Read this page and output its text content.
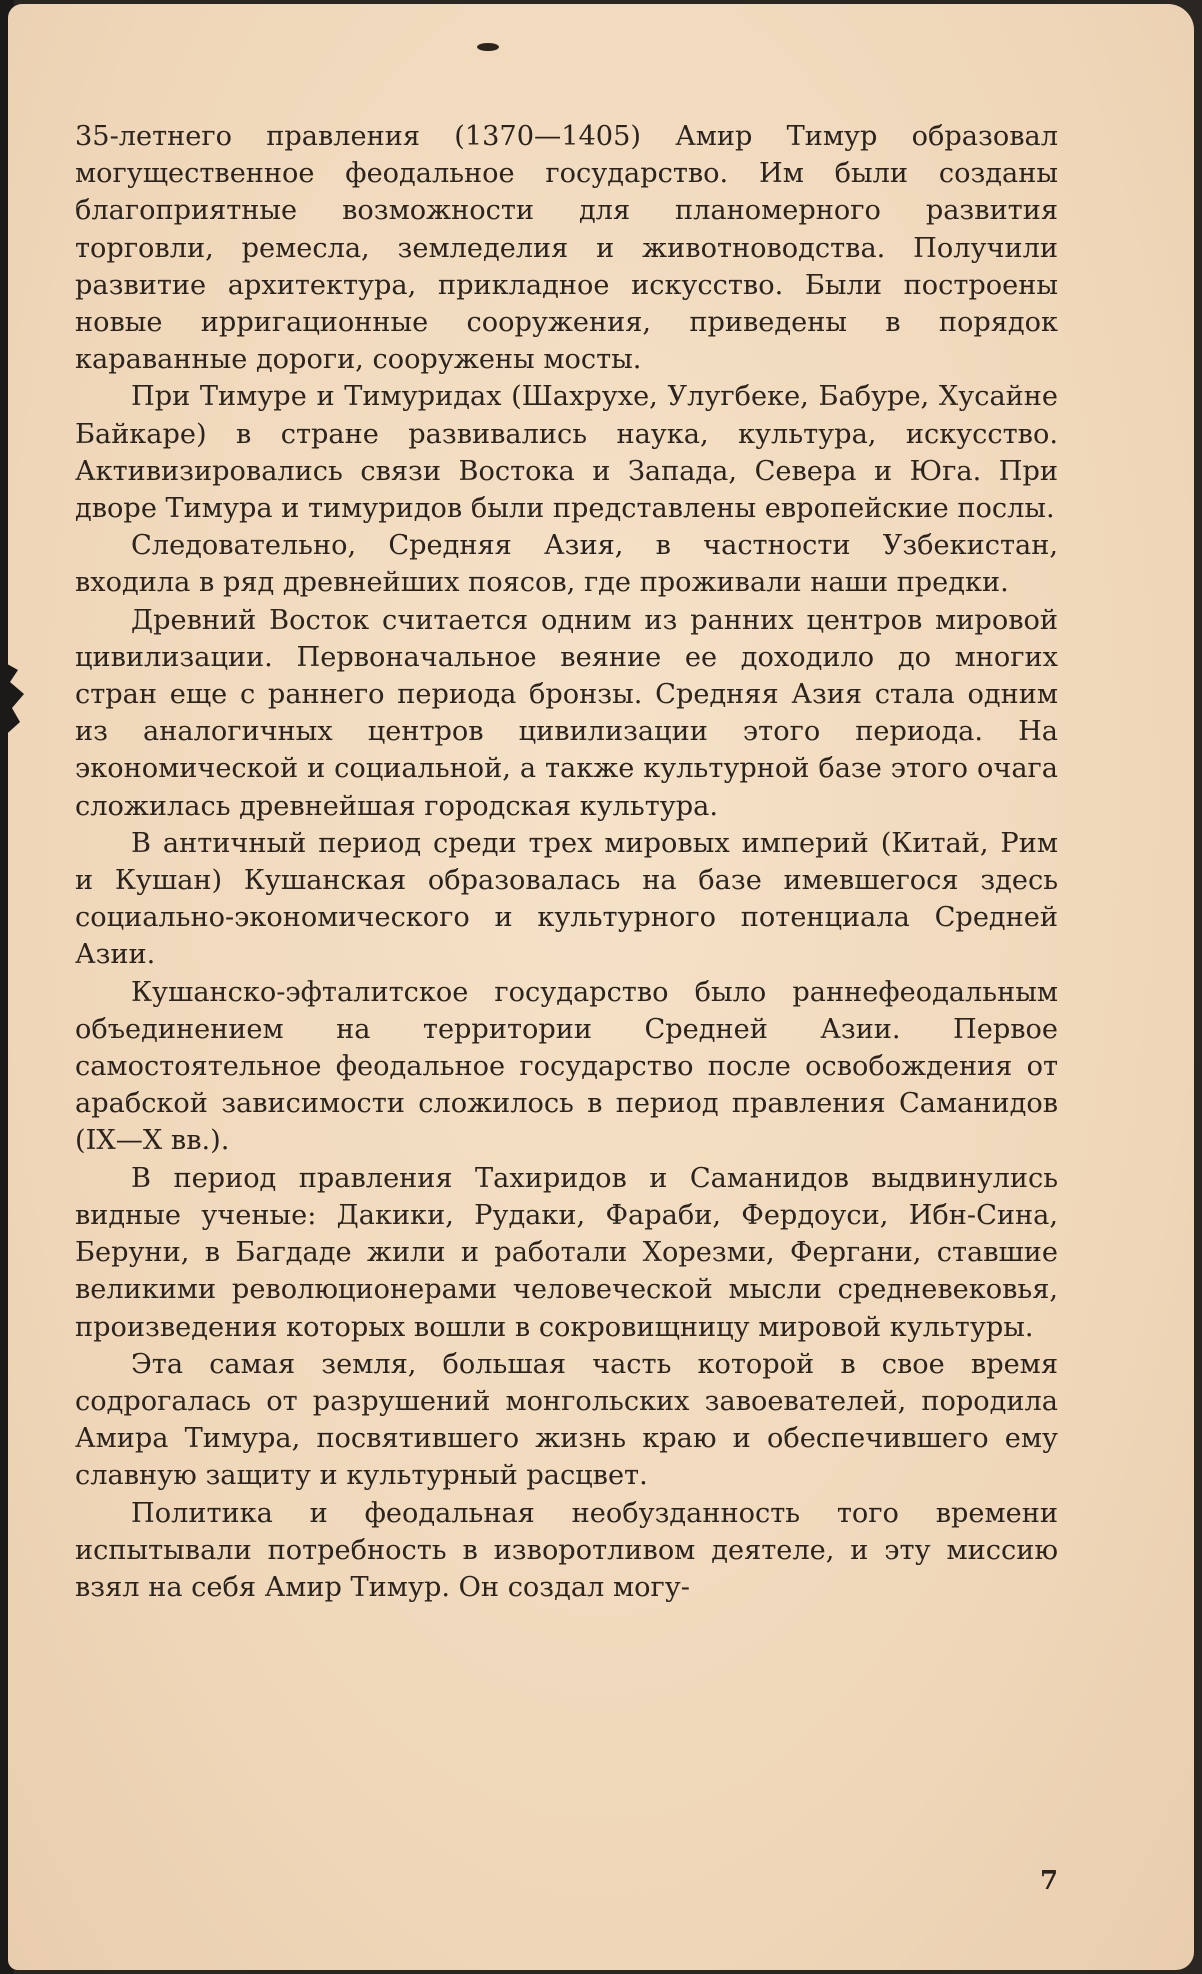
35-летнего правления (1370—1405) Амир Тимур образовал могущественное феодальное государство. Им были созданы благоприятные возможности для планомерного развития торговли, ремесла, земледелия и животноводства. Получили развитие архитектура, прикладное искусство. Были построены новые ирригационные сооружения, приведены в порядок караванные дороги, сооружены мосты.

При Тимуре и Тимуридах (Шахрухе, Улугбеке, Бабуре, Хусайне Байкаре) в стране развивались наука, культура, искусство. Активизировались связи Востока и Запада, Севера и Юга. При дворе Тимура и тимуридов были представлены европейские послы.

Следовательно, Средняя Азия, в частности Узбекистан, входила в ряд древнейших поясов, где проживали наши предки.

Древний Восток считается одним из ранних центров мировой цивилизации. Первоначальное веяние ее доходило до многих стран еще с раннего периода бронзы. Средняя Азия стала одним из аналогичных центров цивилизации этого периода. На экономической и социальной, а также культурной базе этого очага сложилась древнейшая городская культура.

В античный период среди трех мировых империй (Китай, Рим и Кушан) Кушанская образовалась на базе имевшегося здесь социально-экономического и культурного потенциала Средней Азии.

Кушанско-эфталитское государство было раннефеодальным объединением на территории Средней Азии. Первое самостоятельное феодальное государство после освобождения от арабской зависимости сложилось в период правления Саманидов (IX—X вв.).

В период правления Тахиридов и Саманидов выдвинулись видные ученые: Дакики, Рудаки, Фараби, Фердоуси, Ибн-Сина, Беруни, в Багдаде жили и работали Хорезми, Фергани, ставшие великими революционерами человеческой мысли средневековья, произведения которых вошли в сокровищницу мировой культуры.

Эта самая земля, большая часть которой в свое время содрогалась от разрушений монгольских завоевателей, породила Амира Тимура, посвятившего жизнь краю и обеспечившего ему славную защиту и культурный расцвет.

Политика и феодальная необузданность того времени испытывали потребность в изворотливом деятеле, и эту миссию взял на себя Амир Тимур. Он создал могу-

7
